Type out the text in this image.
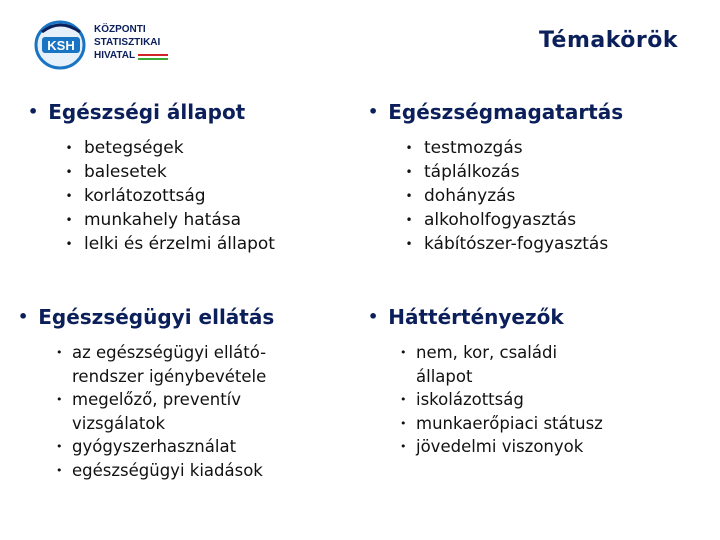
KSH
KÖZPONTI
STATISZTIKAI
HIVATAL
Témakörök
• Egészségi állapot
• betegségek
• balesetek
• korlátozottság
• munkahely hatása
• lelki és érzelmi állapot
• Egészségmagatartás
• testmozgás
• táplálkozás
• dohányzás
• alkoholfogyasztás
• kábítószer-fogyasztás
• Egészségügyi ellátás
• az egészségügyi ellátó-rendszer igénybevétele
• megelőző, preventív vizsgálatok
• gyógyszerhasználat
• egészségügyi kiadások
• Háttértényezők
• nem, kor, családi állapot
• iskolázottság
• munkaerőpiaci státusz
• jövedelmi viszonyok
